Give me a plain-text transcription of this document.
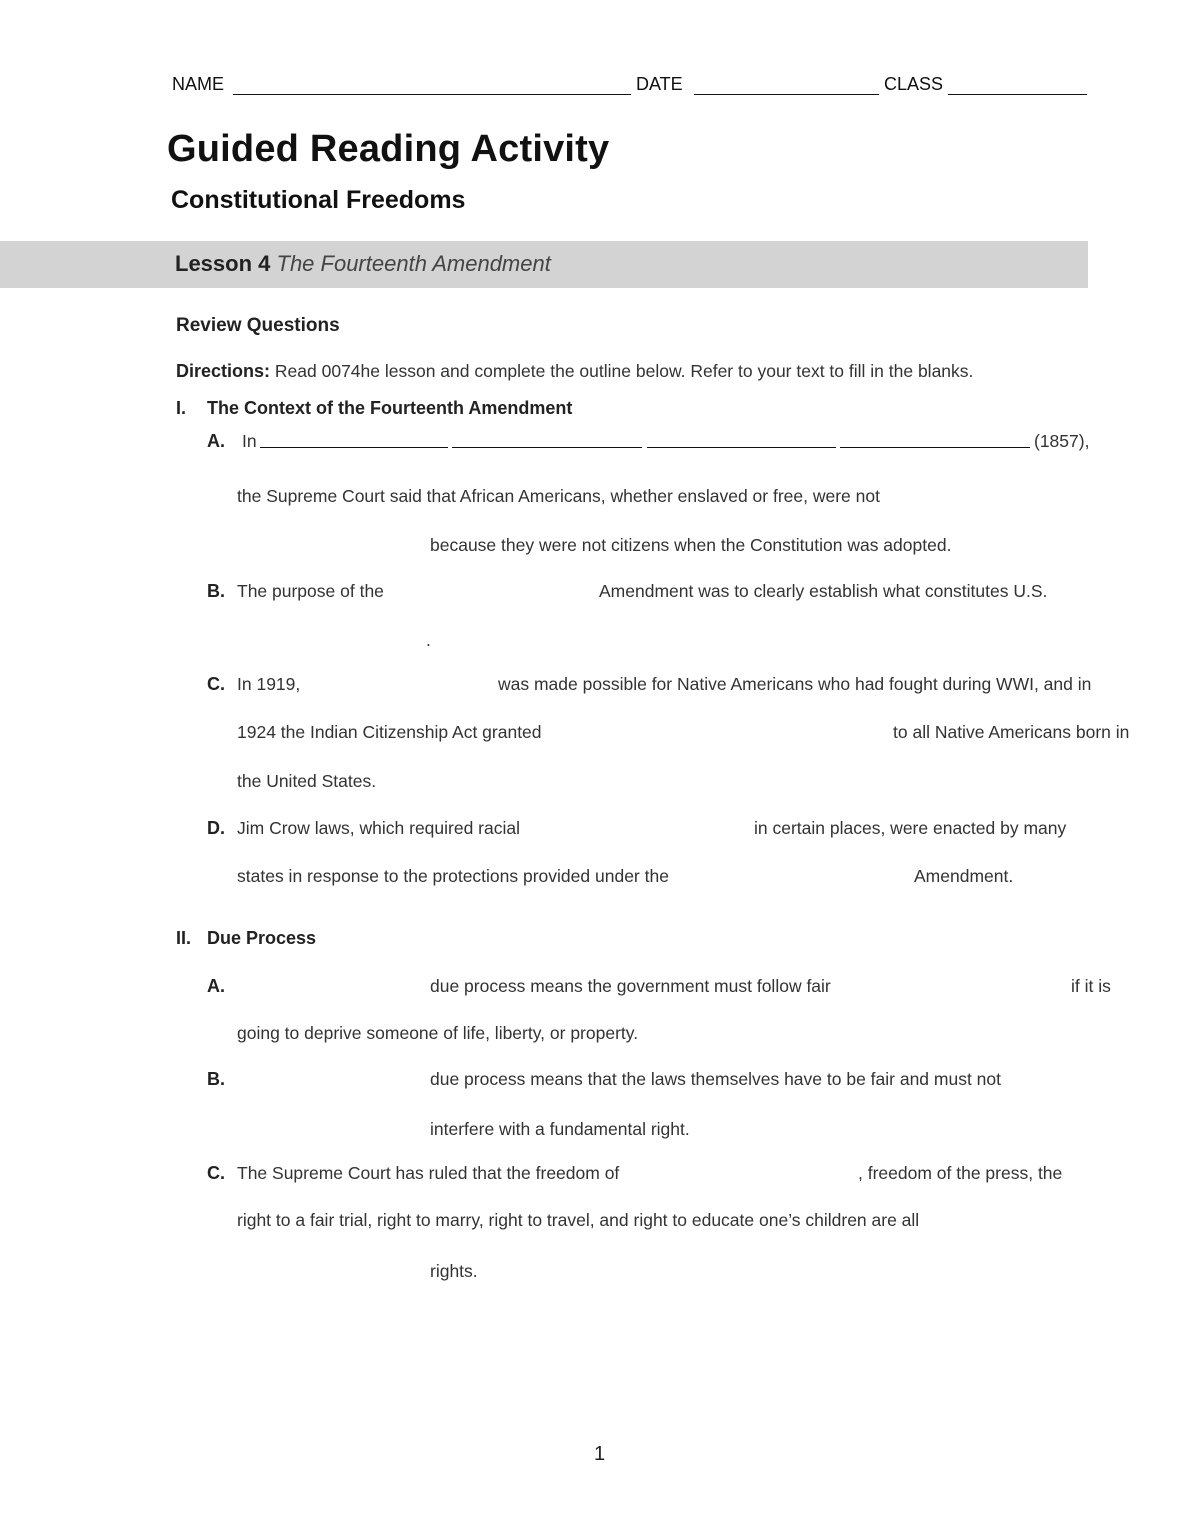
NAME	DATE	CLASS
Guided Reading Activity
Constitutional Freedoms
Lesson 4 The Fourteenth Amendment
Review Questions
Directions: Read 0074he lesson and complete the outline below. Refer to your text to fill in the blanks.
I. The Context of the Fourteenth Amendment
A. In	(1857),
the Supreme Court said that African Americans, whether enslaved or free, were not
because they were not citizens when the Constitution was adopted.
B. The purpose of the	Amendment was to clearly establish what constitutes U.S.
.
C. In 1919,	was made possible for Native Americans who had fought during WWI, and in
1924 the Indian Citizenship Act granted	to all Native Americans born in
the United States.
D. Jim Crow laws, which required racial	in certain places, were enacted by many
states in response to the protections provided under the	Amendment.
II. Due Process
A.	due process means the government must follow fair	if it is
going to deprive someone of life, liberty, or property.
B.	due process means that the laws themselves have to be fair and must not
interfere with a fundamental right.
C. The Supreme Court has ruled that the freedom of	, freedom of the press, the
right to a fair trial, right to marry, right to travel, and right to educate one’s children are all
rights.
1
